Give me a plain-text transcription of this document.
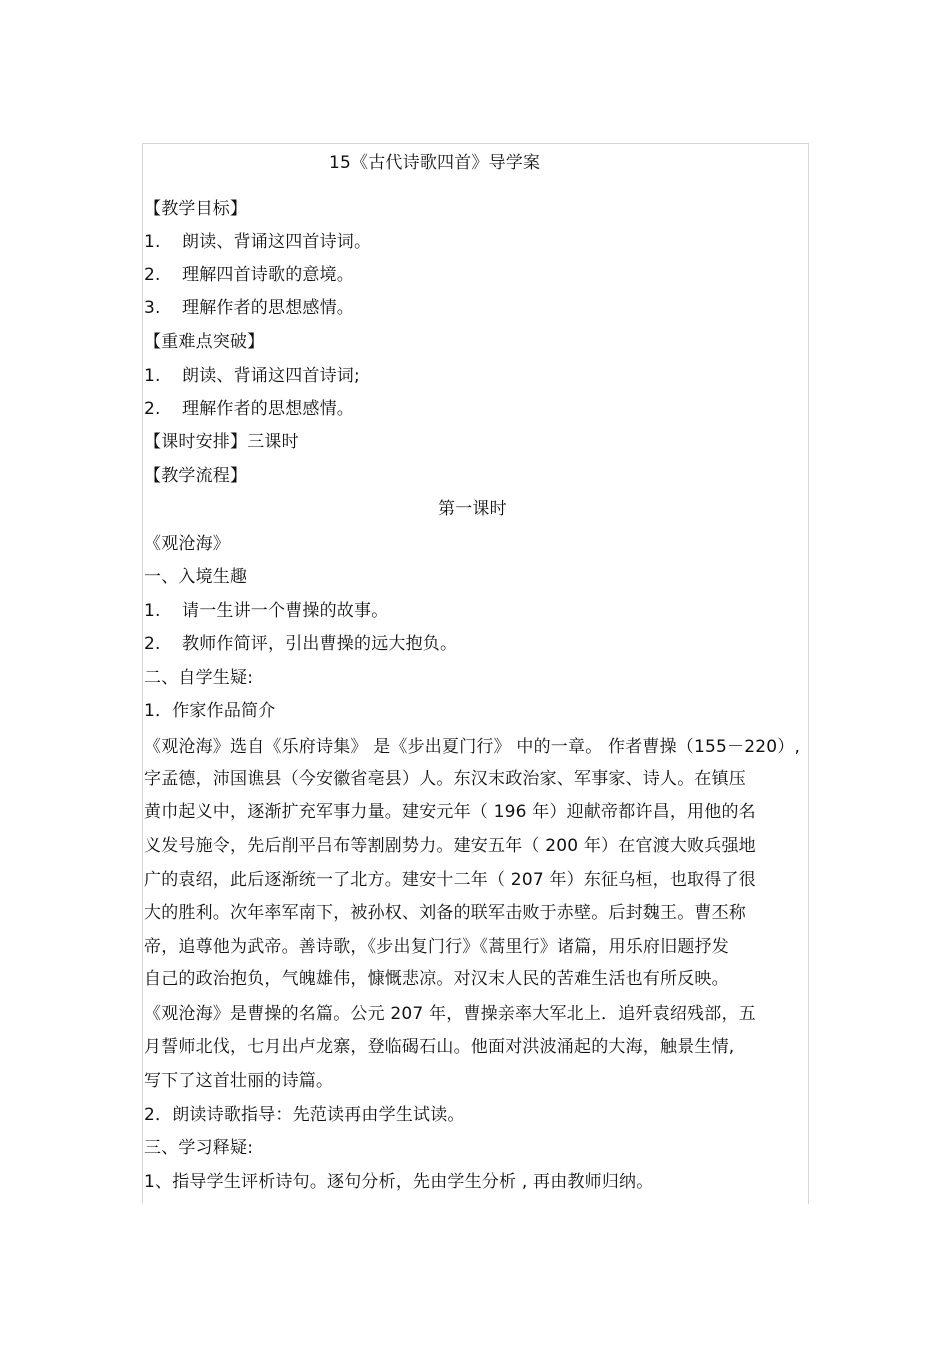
15《古代诗歌四首》导学案
【教学目标】
1. 朗读、背诵这四首诗词。
2. 理解四首诗歌的意境。
3. 理解作者的思想感情。
【重难点突破】
1. 朗读、背诵这四首诗词;
2. 理解作者的思想感情。
【课时安排】三课时
【教学流程】
第一课时
《观沧海》
一、入境生趣
1. 请一生讲一个曹操的故事。
2. 教师作简评，引出曹操的远大抱负。
二、自学生疑:
1．作家作品简介
《观沧海》选自《乐府诗集》 是《步出夏门行》 中的一章。 作者曹操（155－220）,
字孟德，沛国谯县（今安徽省亳县）人。东汉末政治家、军事家、诗人。在镇压
黄巾起义中，逐渐扩充军事力量。建安元年（ 196 年）迎献帝都许昌，用他的名
义发号施令，先后削平吕布等割剧势力。建安五年（ 200 年）在官渡大败兵强地
广的袁绍，此后逐渐统一了北方。建安十二年（ 207 年）东征乌桓，也取得了很
大的胜利。次年率军南下，被孙权、刘备的联军击败于赤壁。后封魏王。曹丕称
帝，追尊他为武帝。善诗歌，《步出复门行》《蒿里行》诸篇，用乐府旧题抒发
自己的政治抱负，气魄雄伟，慷慨悲凉。对汉末人民的苦难生活也有所反映。
《观沧海》是曹操的名篇。公元 207 年，曹操亲率大军北上．追歼袁绍残部，五
月誓师北伐，七月出卢龙寨，登临碣石山。他面对洪波涌起的大海，触景生情,
写下了这首壮丽的诗篇。
2．朗读诗歌指导：先范读再由学生试读。
三、学习释疑:
1、指导学生评析诗句。逐句分析，先由学生分析 , 再由教师归纳。
